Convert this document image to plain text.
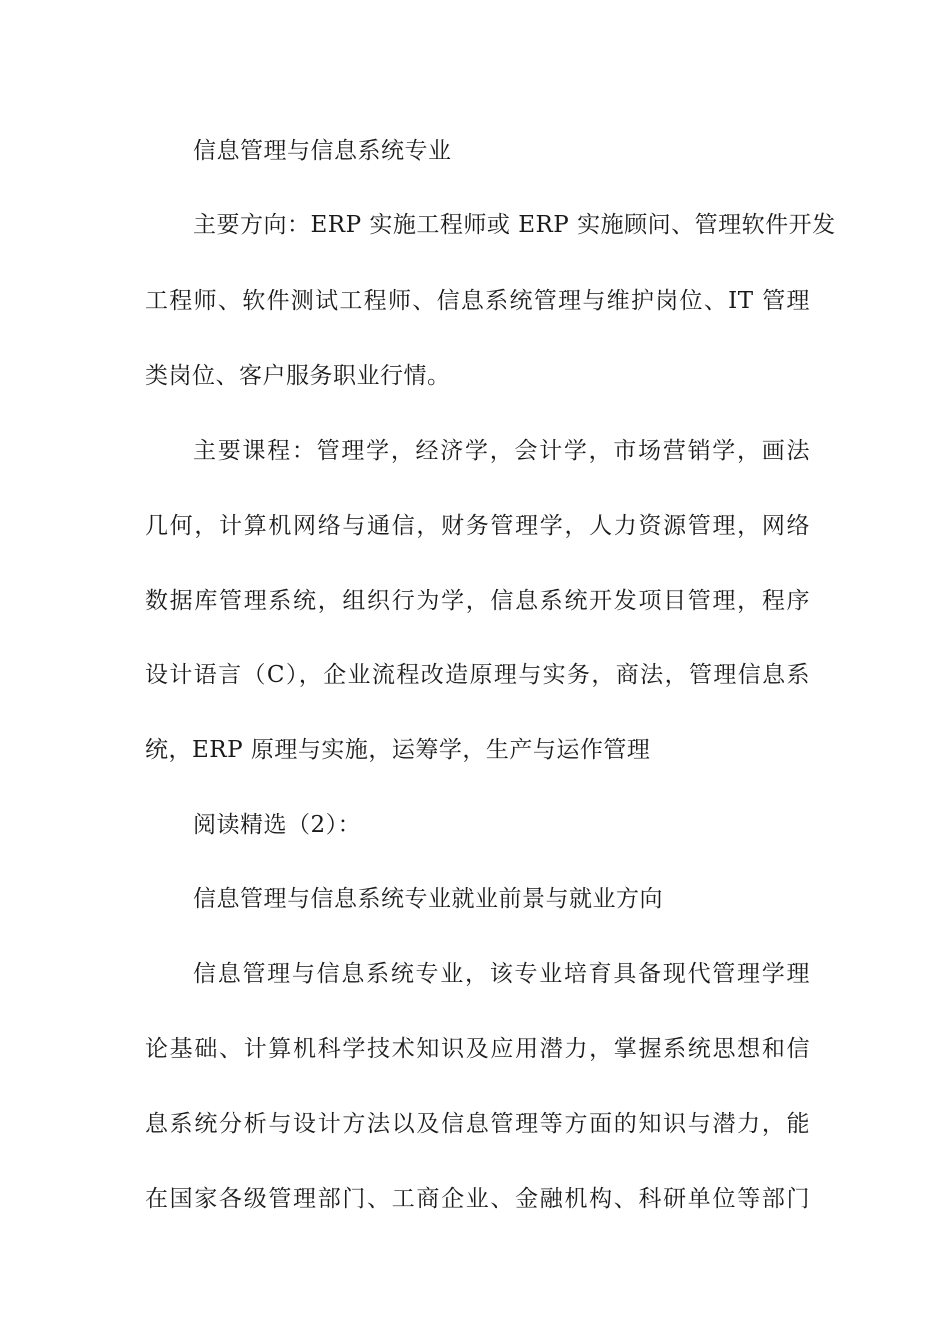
信息管理与信息系统专业
主要方向：ERP 实施工程师或 ERP 实施顾问、管理软件开发
工程师、软件测试工程师、信息系统管理与维护岗位、IT 管理
类岗位、客户服务职业行情。
主要课程：管理学，经济学，会计学，市场营销学，画法
几何，计算机网络与通信，财务管理学，人力资源管理，网络
数据库管理系统，组织行为学，信息系统开发项目管理，程序
设计语言（C），企业流程改造原理与实务，商法，管理信息系
统，ERP 原理与实施，运筹学，生产与运作管理
阅读精选（2）：
信息管理与信息系统专业就业前景与就业方向
信息管理与信息系统专业，该专业培育具备现代管理学理
论基础、计算机科学技术知识及应用潜力，掌握系统思想和信
息系统分析与设计方法以及信息管理等方面的知识与潜力，能
在国家各级管理部门、工商企业、金融机构、科研单位等部门
